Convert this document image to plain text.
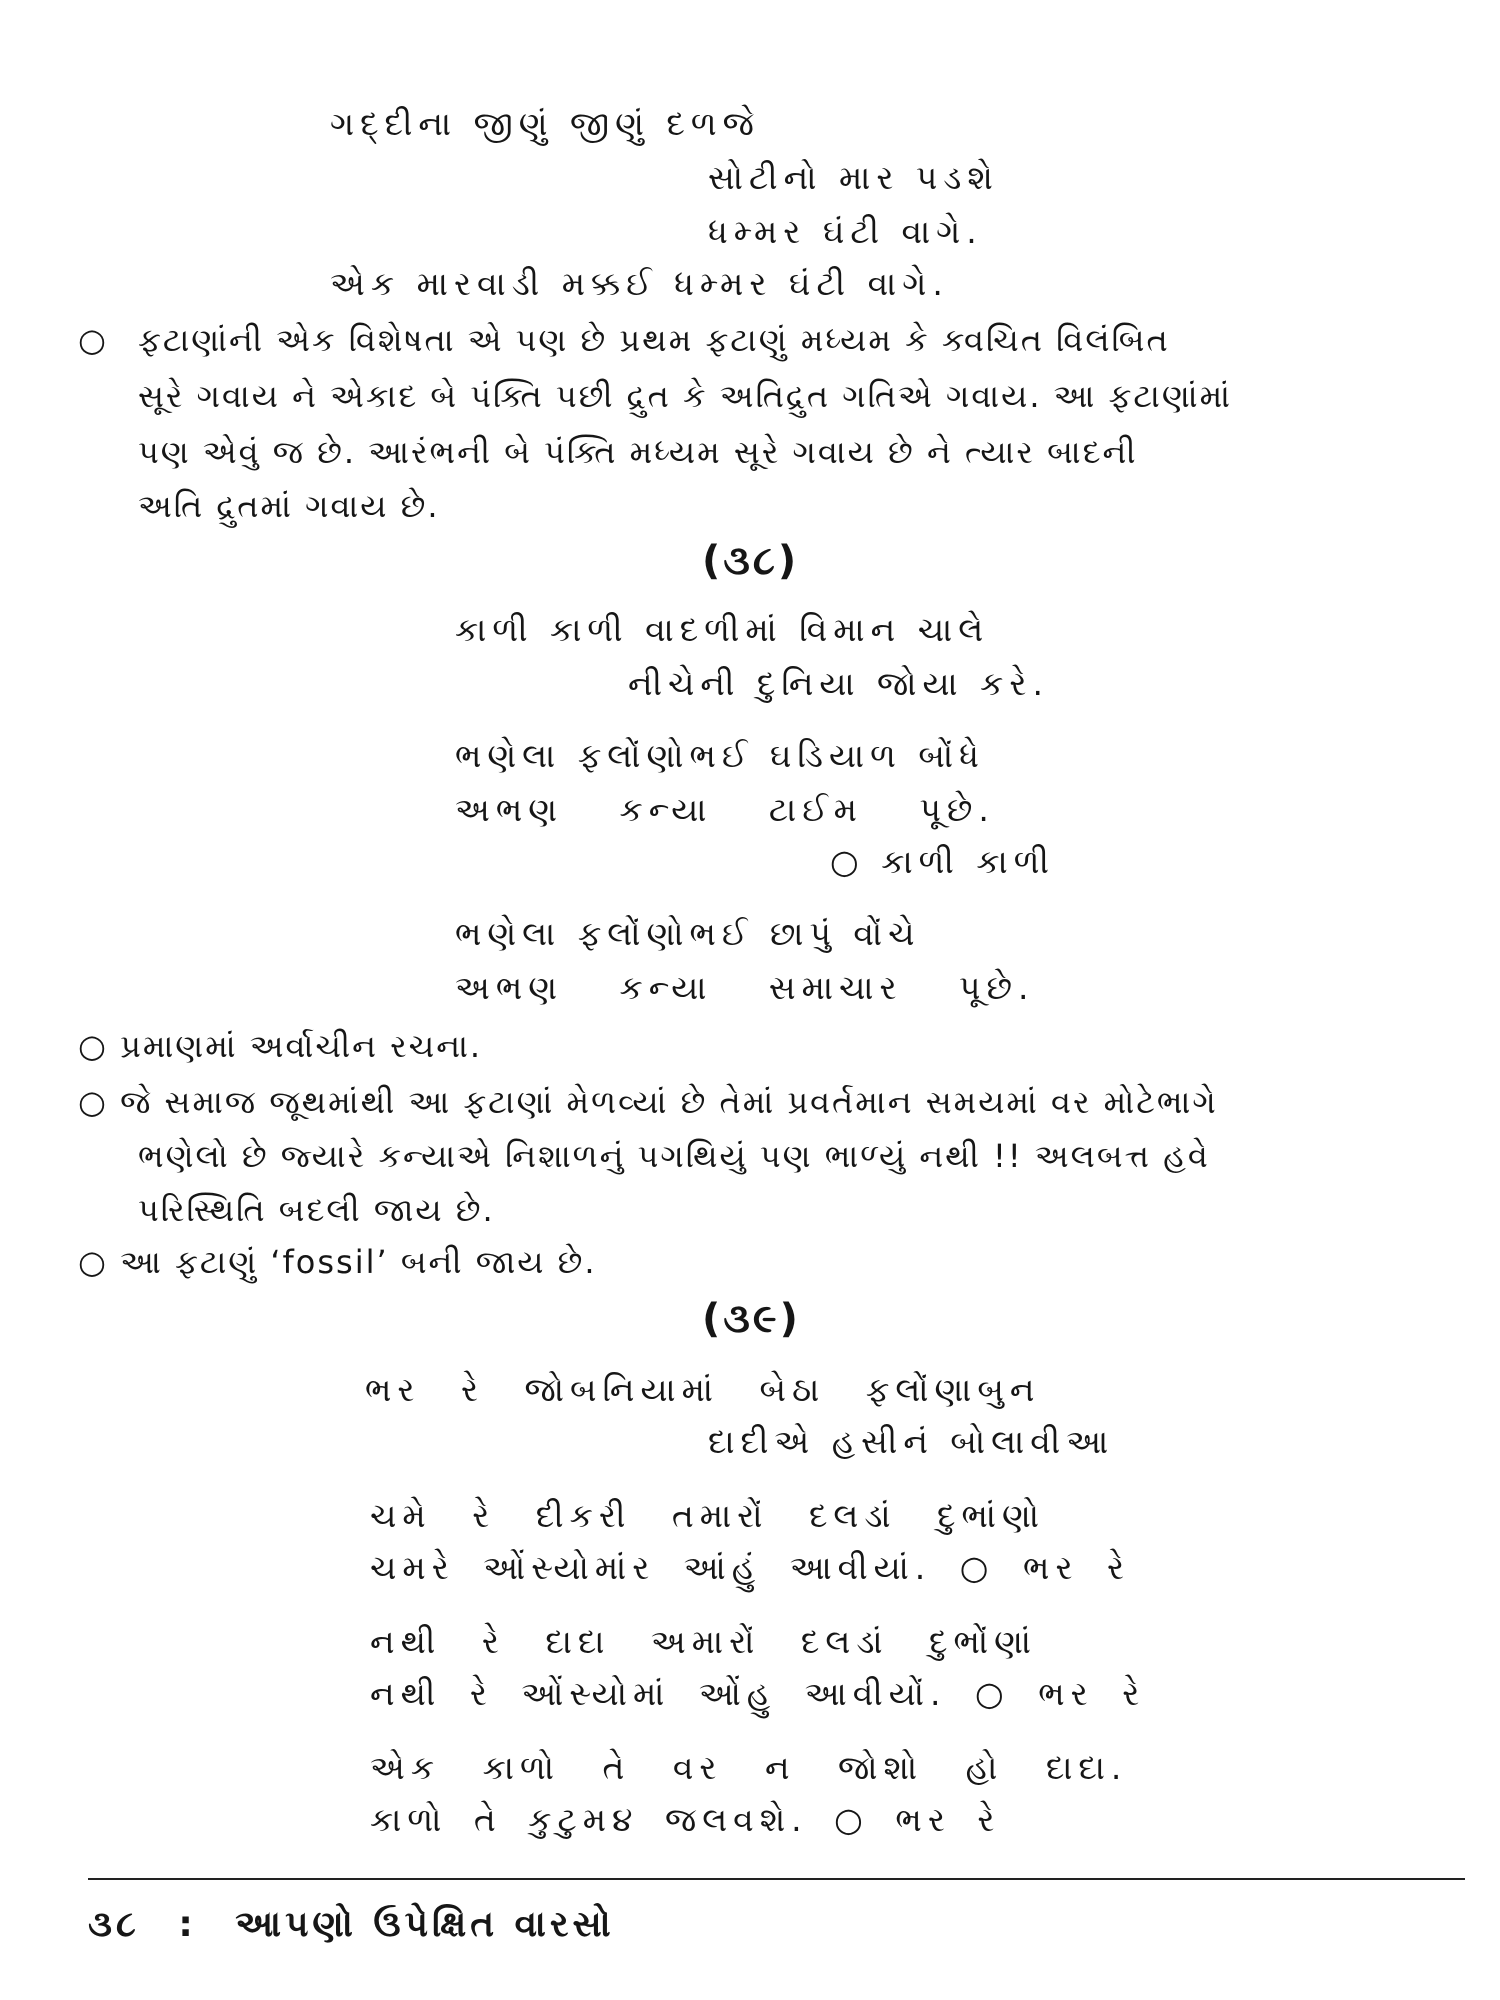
ગદ્દીના જીણું જીણું દળજે
સોટીનો માર પડશે
ધમ્મર ઘંટી વાગે.
એક મારવાડી મક્કઈ ધમ્મર ઘંટી વાગે.
○ ફટાણાંની એક વિશેષતા એ પણ છે પ્રથમ ફટાણું મધ્યમ કે ક્વચિત વિલંબિત
સૂરે ગવાય ને એકાદ બે પંક્તિ પછી દ્રુત કે અતિદ્રુત ગતિએ ગવાય. આ ફટાણાંમાં
પણ એવું જ છે. આરંભની બે પંક્તિ મધ્યમ સૂરે ગવાય છે ને ત્યાર બાદની
અતિ દ્રુતમાં ગવાય છે.
(૩૮)
કાળી કાળી વાદળીમાં વિમાન ચાલે
નીચેની દુનિયા જોયા કરે.
ભણેલા ફલોંણોભઈ ઘડિયાળ બોંધે
અભણ કન્યા ટાઈમ પૂછે.
○ કાળી કાળી
ભણેલા ફલોંણોભઈ છાપું વોંચે
અભણ કન્યા સમાચાર પૂછે.
○ પ્રમાણમાં અર્વાચીન રચના.
○ જે સમાજ જૂથમાંથી આ ફટાણાં મેળવ્યાં છે તેમાં પ્રવર્તમાન સમયમાં વર મોટેભાગે
ભણેલો છે જ્યારે કન્યાએ નિશાળનું પગથિયું પણ ભાળ્યું નથી !! અલબત્ત હવે
પરિસ્થિતિ બદલી જાય છે.
○ આ ફટાણું ‘fossil’ બની જાય છે.
(૩૯)
ભર રે જોબનિયામાં બેઠા ફલોંણાબુન
દાદીએ હસીનં બોલાવીઆ
ચમે રે દીકરી તમારોં દલડાં દુભાંણો
ચમરે ઓંસ્યોમાંર આંહું આવીયાં. ○ ભર રે
નથી રે દાદા અમારોં દલડાં દુભોંણાં
નથી રે ઓંસ્યોમાં ઓંહુ આવીયોં. ○ ભર રે
એક કાળો તે વર ન જોશો હો દાદા.
કાળો તે કુટુમ૪ જલવશે. ○ ભર રે
૩૮ : આપણો ઉપેક્ષિત વારસો
